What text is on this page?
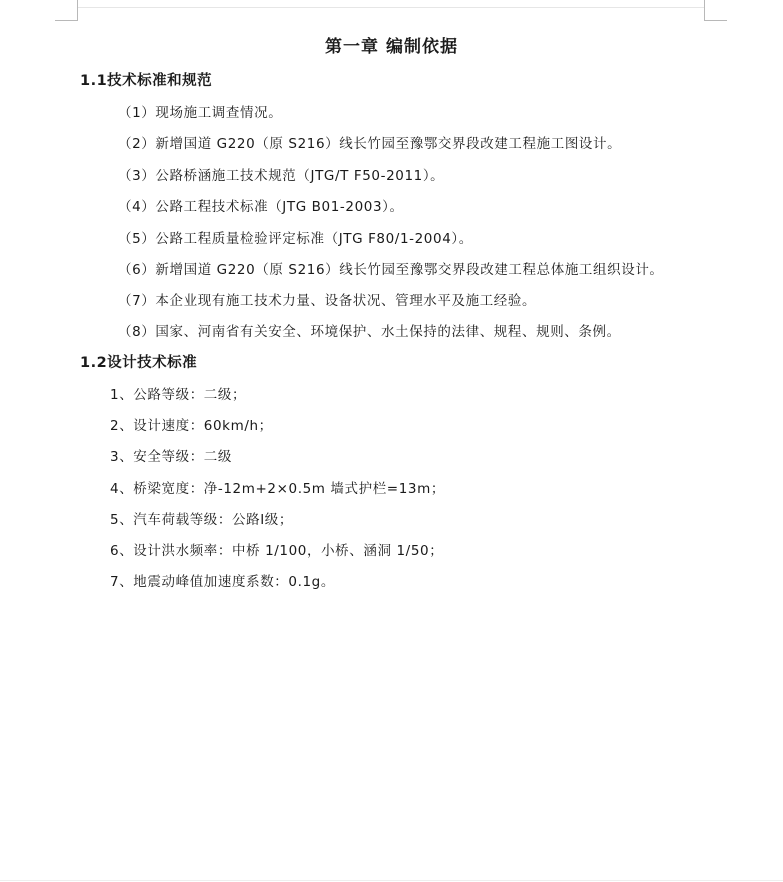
第一章 编制依据
1.1技术标准和规范
（1）现场施工调查情况。
（2）新增国道 G220（原 S216）线长竹园至豫鄂交界段改建工程施工图设计。
（3）公路桥涵施工技术规范（JTG/T F50-2011）。
（4）公路工程技术标准（JTG B01-2003）。
（5）公路工程质量检验评定标准（JTG F80/1-2004）。
（6）新增国道 G220（原 S216）线长竹园至豫鄂交界段改建工程总体施工组织设计。
（7）本企业现有施工技术力量、设备状况、管理水平及施工经验。
（8）国家、河南省有关安全、环境保护、水土保持的法律、规程、规则、条例。
1.2设计技术标准
1、公路等级：二级；
2、设计速度：60km/h；
3、安全等级：二级
4、桥梁宽度：净-12m+2×0.5m 墙式护栏=13m；
5、汽车荷载等级：公路Ⅰ级；
6、设计洪水频率：中桥 1/100，小桥、涵洞 1/50；
7、地震动峰值加速度系数：0.1g。
